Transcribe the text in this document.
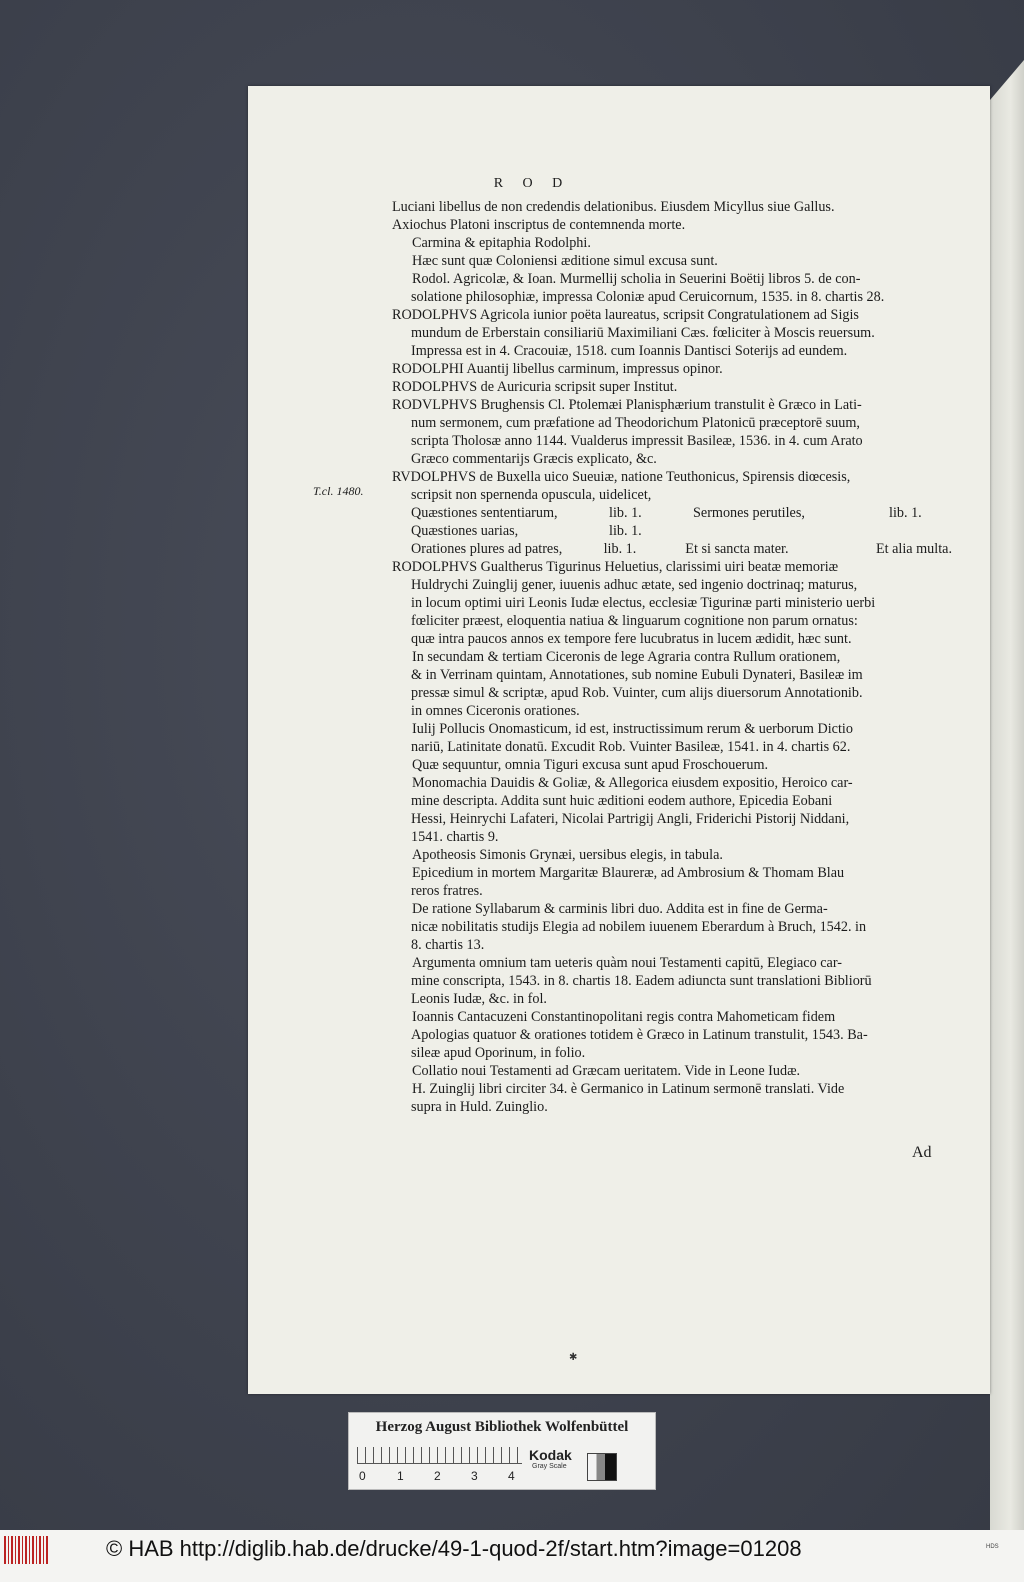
R O D
T.cl. 1480.
Luciani libellus de non credendis delationibus. Eiusdem Micyllus siue Gallus.
Axiochus Platoni inscriptus de contemnenda morte.
Carmina & epitaphia Rodolphi.
Hæc sunt quæ Coloniensi æditione simul excusa sunt.
Rodol. Agricolæ, & Ioan. Murmellij scholia in Seuerini Boëtij libros 5. de con-
solatione philosophiæ, impressa Coloniæ apud Ceruicornum, 1535. in 8. chartis 28.
RODOLPHVS Agricola iunior poëta laureatus, scripsit Congratulationem ad Sigis
mundum de Erberstain consiliariū Maximiliani Cæs. fœliciter à Moscis reuersum.
Impressa est in 4. Cracouiæ, 1518. cum Ioannis Dantisci Soterijs ad eundem.
RODOLPHI Auantij libellus carminum, impressus opinor.
RODOLPHVS de Auricuria scripsit super Institut.
RODVLPHVS Brughensis Cl. Ptolemæi Planisphærium transtulit è Græco in Lati-
num sermonem, cum præfatione ad Theodorichum Platonicū præceptorē suum,
scripta Tholosæ anno 1144. Vualderus impressit Basileæ, 1536. in 4. cum Arato
Græco commentarijs Græcis explicato, &c.
RVDOLPHVS de Buxella uico Sueuiæ, natione Teuthonicus, Spirensis diœcesis,
scripsit non spernenda opuscula, uidelicet,
Quæstiones sententiarum,	lib. 1.	Sermones perutiles,	lib. 1.
Quæstiones uarias,	lib. 1.
Orationes plures ad patres,	lib. 1.	Et si sancta mater.	Et alia multa.
RODOLPHVS Gualtherus Tigurinus Heluetius, clarissimi uiri beatæ memoriæ
Huldrychi Zuinglij gener, iuuenis adhuc ætate, sed ingenio doctrinaq; maturus,
in locum optimi uiri Leonis Iudæ electus, ecclesiæ Tigurinæ parti ministerio uerbi
fœliciter præest, eloquentia natiua & linguarum cognitione non parum ornatus:
quæ intra paucos annos ex tempore fere lucubratus in lucem ædidit, hæc sunt.
In secundam & tertiam Ciceronis de lege Agraria contra Rullum orationem,
& in Verrinam quintam, Annotationes, sub nomine Eubuli Dynateri, Basileæ im
pressæ simul & scriptæ, apud Rob. Vuinter, cum alijs diuersorum Annotationib.
in omnes Ciceronis orationes.
Iulij Pollucis Onomasticum, id est, instructissimum rerum & uerborum Dictio
nariū, Latinitate donatū. Excudit Rob. Vuinter Basileæ, 1541. in 4. chartis 62.
Quæ sequuntur, omnia Tiguri excusa sunt apud Froschouerum.
Monomachia Dauidis & Goliæ, & Allegorica eiusdem expositio, Heroico car-
mine descripta. Addita sunt huic æditioni eodem authore, Epicedia Eobani
Hessi, Heinrychi Lafateri, Nicolai Partrigij Angli, Friderichi Pistorij Niddani,
1541. chartis 9.
Apotheosis Simonis Grynæi, uersibus elegis, in tabula.
Epicedium in mortem Margaritæ Blaureræ, ad Ambrosium & Thomam Blau
reros fratres.
De ratione Syllabarum & carminis libri duo. Addita est in fine de Germa-
nicæ nobilitatis studijs Elegia ad nobilem iuuenem Eberardum à Bruch, 1542. in
8. chartis 13.
Argumenta omnium tam ueteris quàm noui Testamenti capitū, Elegiaco car-
mine conscripta, 1543. in 8. chartis 18. Eadem adiuncta sunt translationi Bibliorū
Leonis Iudæ, &c. in fol.
Ioannis Cantacuzeni Constantinopolitani regis contra Mahometicam fidem
Apologias quatuor & orationes totidem è Græco in Latinum transtulit, 1543. Ba-
sileæ apud Oporinum, in folio.
Collatio noui Testamenti ad Græcam ueritatem. Vide in Leone Iudæ.
H. Zuinglij libri circiter 34. è Germanico in Latinum sermonē translati. Vide
supra in Huld. Zuinglio.
Ad
✱
Herzog August Bibliothek Wolfenbüttel
0	1	2	3	4
Kodak
Gray Scale
© HAB http://diglib.hab.de/drucke/49-1-quod-2f/start.htm?image=01208	HDS
